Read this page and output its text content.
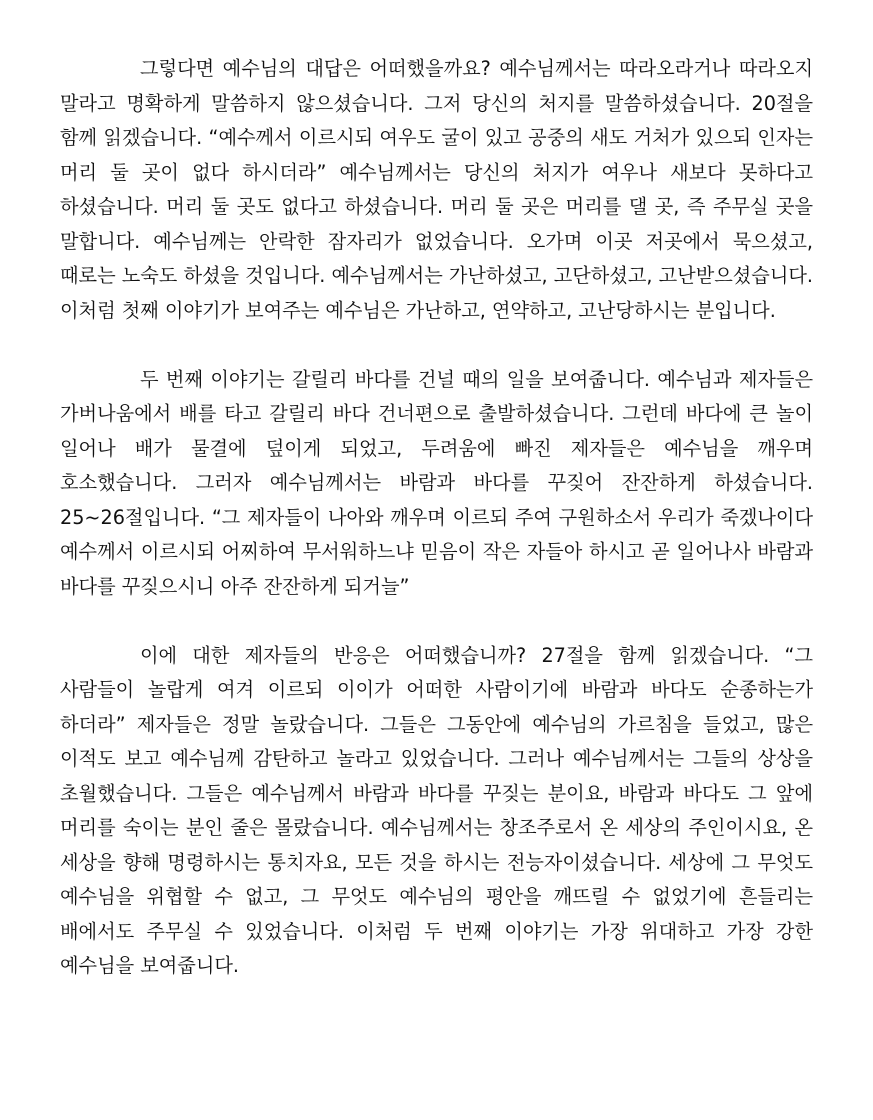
그렇다면 예수님의 대답은 어떠했을까요? 예수님께서는 따라오라거나 따라오지 말라고 명확하게 말씀하지 않으셨습니다. 그저 당신의 처지를 말씀하셨습니다. 20절을 함께 읽겠습니다. “예수께서 이르시되 여우도 굴이 있고 공중의 새도 거처가 있으되 인자는 머리 둘 곳이 없다 하시더라” 예수님께서는 당신의 처지가 여우나 새보다 못하다고 하셨습니다. 머리 둘 곳도 없다고 하셨습니다. 머리 둘 곳은 머리를 댈 곳, 즉 주무실 곳을 말합니다. 예수님께는 안락한 잠자리가 없었습니다. 오가며 이곳 저곳에서 묵으셨고, 때로는 노숙도 하셨을 것입니다. 예수님께서는 가난하셨고, 고단하셨고, 고난받으셨습니다. 이처럼 첫째 이야기가 보여주는 예수님은 가난하고, 연약하고, 고난당하시는 분입니다.

두 번째 이야기는 갈릴리 바다를 건널 때의 일을 보여줍니다. 예수님과 제자들은 가버나움에서 배를 타고 갈릴리 바다 건너편으로 출발하셨습니다. 그런데 바다에 큰 놀이 일어나 배가 물결에 덮이게 되었고, 두려움에 빠진 제자들은 예수님을 깨우며 호소했습니다. 그러자 예수님께서는 바람과 바다를 꾸짖어 잔잔하게 하셨습니다. 25~26절입니다. “그 제자들이 나아와 깨우며 이르되 주여 구원하소서 우리가 죽겠나이다 예수께서 이르시되 어찌하여 무서워하느냐 믿음이 작은 자들아 하시고 곧 일어나사 바람과 바다를 꾸짖으시니 아주 잔잔하게 되거늘”

이에 대한 제자들의 반응은 어떠했습니까? 27절을 함께 읽겠습니다. “그 사람들이 놀랍게 여겨 이르되 이이가 어떠한 사람이기에 바람과 바다도 순종하는가 하더라” 제자들은 정말 놀랐습니다. 그들은 그동안에 예수님의 가르침을 들었고, 많은 이적도 보고 예수님께 감탄하고 놀라고 있었습니다. 그러나 예수님께서는 그들의 상상을 초월했습니다. 그들은 예수님께서 바람과 바다를 꾸짖는 분이요, 바람과 바다도 그 앞에 머리를 숙이는 분인 줄은 몰랐습니다. 예수님께서는 창조주로서 온 세상의 주인이시요, 온 세상을 향해 명령하시는 통치자요, 모든 것을 하시는 전능자이셨습니다. 세상에 그 무엇도 예수님을 위협할 수 없고, 그 무엇도 예수님의 평안을 깨뜨릴 수 없었기에 흔들리는 배에서도 주무실 수 있었습니다. 이처럼 두 번째 이야기는 가장 위대하고 가장 강한 예수님을 보여줍니다.
